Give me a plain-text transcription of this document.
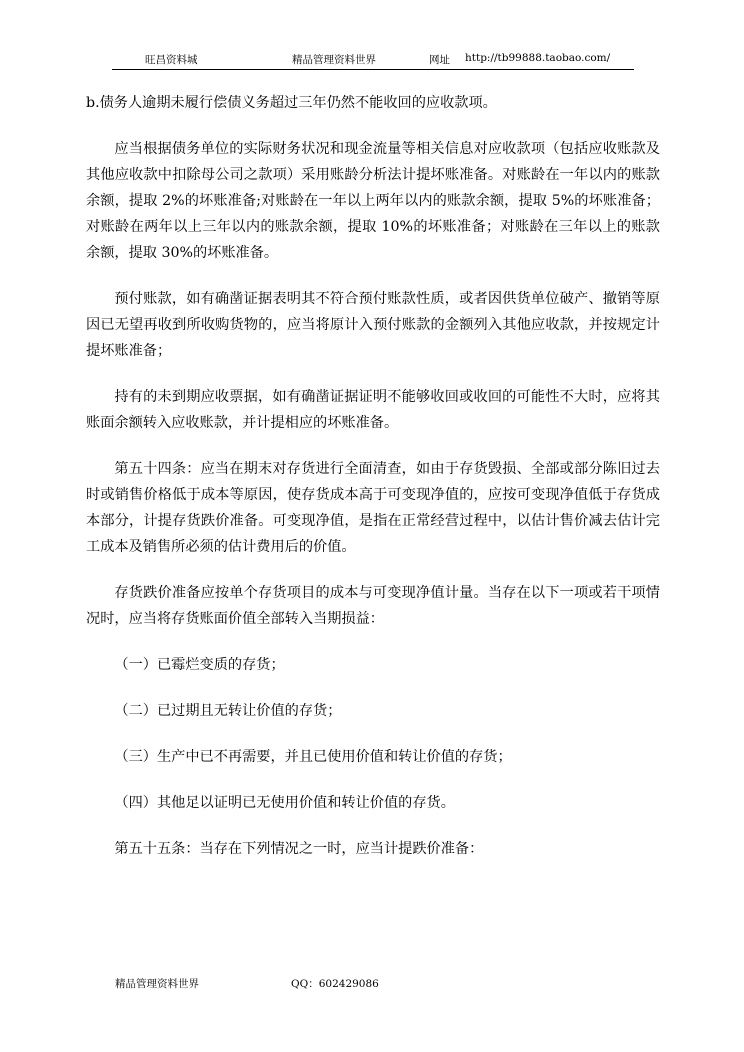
旺昌资料城	精品管理资料世界	网址 http://tb99888.taobao.com/

b.债务人逾期未履行偿债义务超过三年仍然不能收回的应收款项。

应当根据债务单位的实际财务状况和现金流量等相关信息对应收款项（包括应收账款及其他应收款中扣除母公司之款项）采用账龄分析法计提坏账准备。对账龄在一年以内的账款余额，提取 2%的坏账准备;对账龄在一年以上两年以内的账款余额，提取 5%的坏账准备；对账龄在两年以上三年以内的账款余额，提取 10%的坏账准备；对账龄在三年以上的账款余额，提取 30%的坏账准备。

预付账款，如有确凿证据表明其不符合预付账款性质，或者因供货单位破产、撤销等原因已无望再收到所收购货物的，应当将原计入预付账款的金额列入其他应收款，并按规定计提坏账准备；

持有的未到期应收票据，如有确凿证据证明不能够收回或收回的可能性不大时，应将其账面余额转入应收账款，并计提相应的坏账准备。

第五十四条：应当在期末对存货进行全面清查，如由于存货毁损、全部或部分陈旧过去时或销售价格低于成本等原因，使存货成本高于可变现净值的，应按可变现净值低于存货成本部分，计提存货跌价准备。可变现净值，是指在正常经营过程中，以估计售价减去估计完工成本及销售所必须的估计费用后的价值。

存货跌价准备应按单个存货项目的成本与可变现净值计量。当存在以下一项或若干项情况时，应当将存货账面价值全部转入当期损益：

（一）已霉烂变质的存货；

（二）已过期且无转让价值的存货；

（三）生产中已不再需要，并且已使用价值和转让价值的存货；

（四）其他足以证明已无使用价值和转让价值的存货。

第五十五条：当存在下列情况之一时，应当计提跌价准备：

精品管理资料世界	QQ：602429086
